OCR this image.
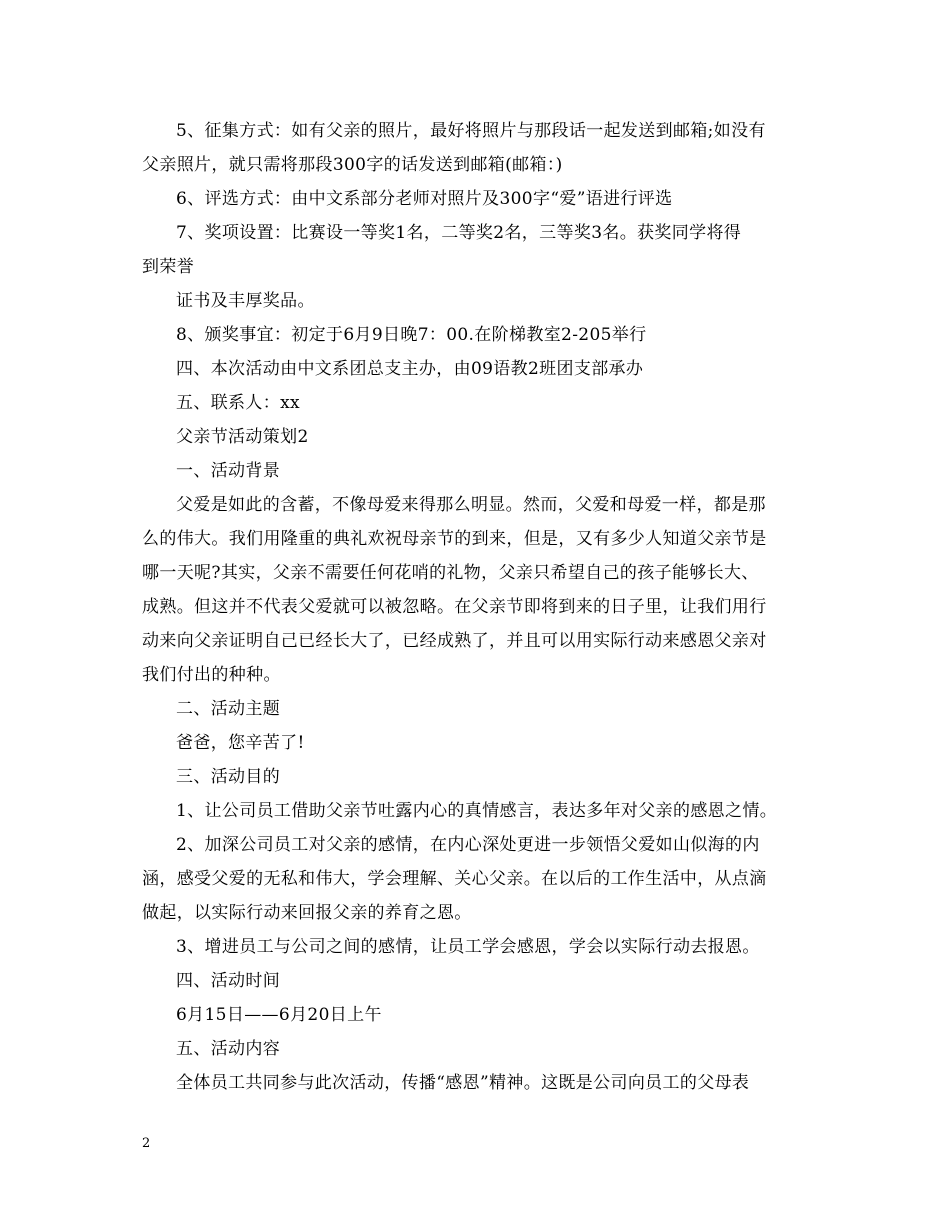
5、征集方式：如有父亲的照片，最好将照片与那段话一起发送到邮箱;如没有
父亲照片，就只需将那段300字的话发送到邮箱(邮箱：)
6、评选方式：由中文系部分老师对照片及300字“爱”语进行评选
7、奖项设置：比赛设一等奖1名，二等奖2名，三等奖3名。获奖同学将得
到荣誉
证书及丰厚奖品。
8、颁奖事宜：初定于6月9日晚7：00.在阶梯教室2-205举行
四、本次活动由中文系团总支主办，由09语教2班团支部承办
五、联系人：xx
父亲节活动策划2
一、活动背景
父爱是如此的含蓄，不像母爱来得那么明显。然而，父爱和母爱一样，都是那
么的伟大。我们用隆重的典礼欢祝母亲节的到来，但是，又有多少人知道父亲节是
哪一天呢?其实，父亲不需要任何花哨的礼物，父亲只希望自己的孩子能够长大、
成熟。但这并不代表父爱就可以被忽略。在父亲节即将到来的日子里，让我们用行
动来向父亲证明自己已经长大了，已经成熟了，并且可以用实际行动来感恩父亲对
我们付出的种种。
二、活动主题
爸爸，您辛苦了!
三、活动目的
1、让公司员工借助父亲节吐露内心的真情感言，表达多年对父亲的感恩之情。
2、加深公司员工对父亲的感情，在内心深处更进一步领悟父爱如山似海的内
涵，感受父爱的无私和伟大，学会理解、关心父亲。在以后的工作生活中，从点滴
做起，以实际行动来回报父亲的养育之恩。
3、增进员工与公司之间的感情，让员工学会感恩，学会以实际行动去报恩。
四、活动时间
6月15日——6月20日上午
五、活动内容
全体员工共同参与此次活动，传播“感恩”精神。这既是公司向员工的父母表
2
